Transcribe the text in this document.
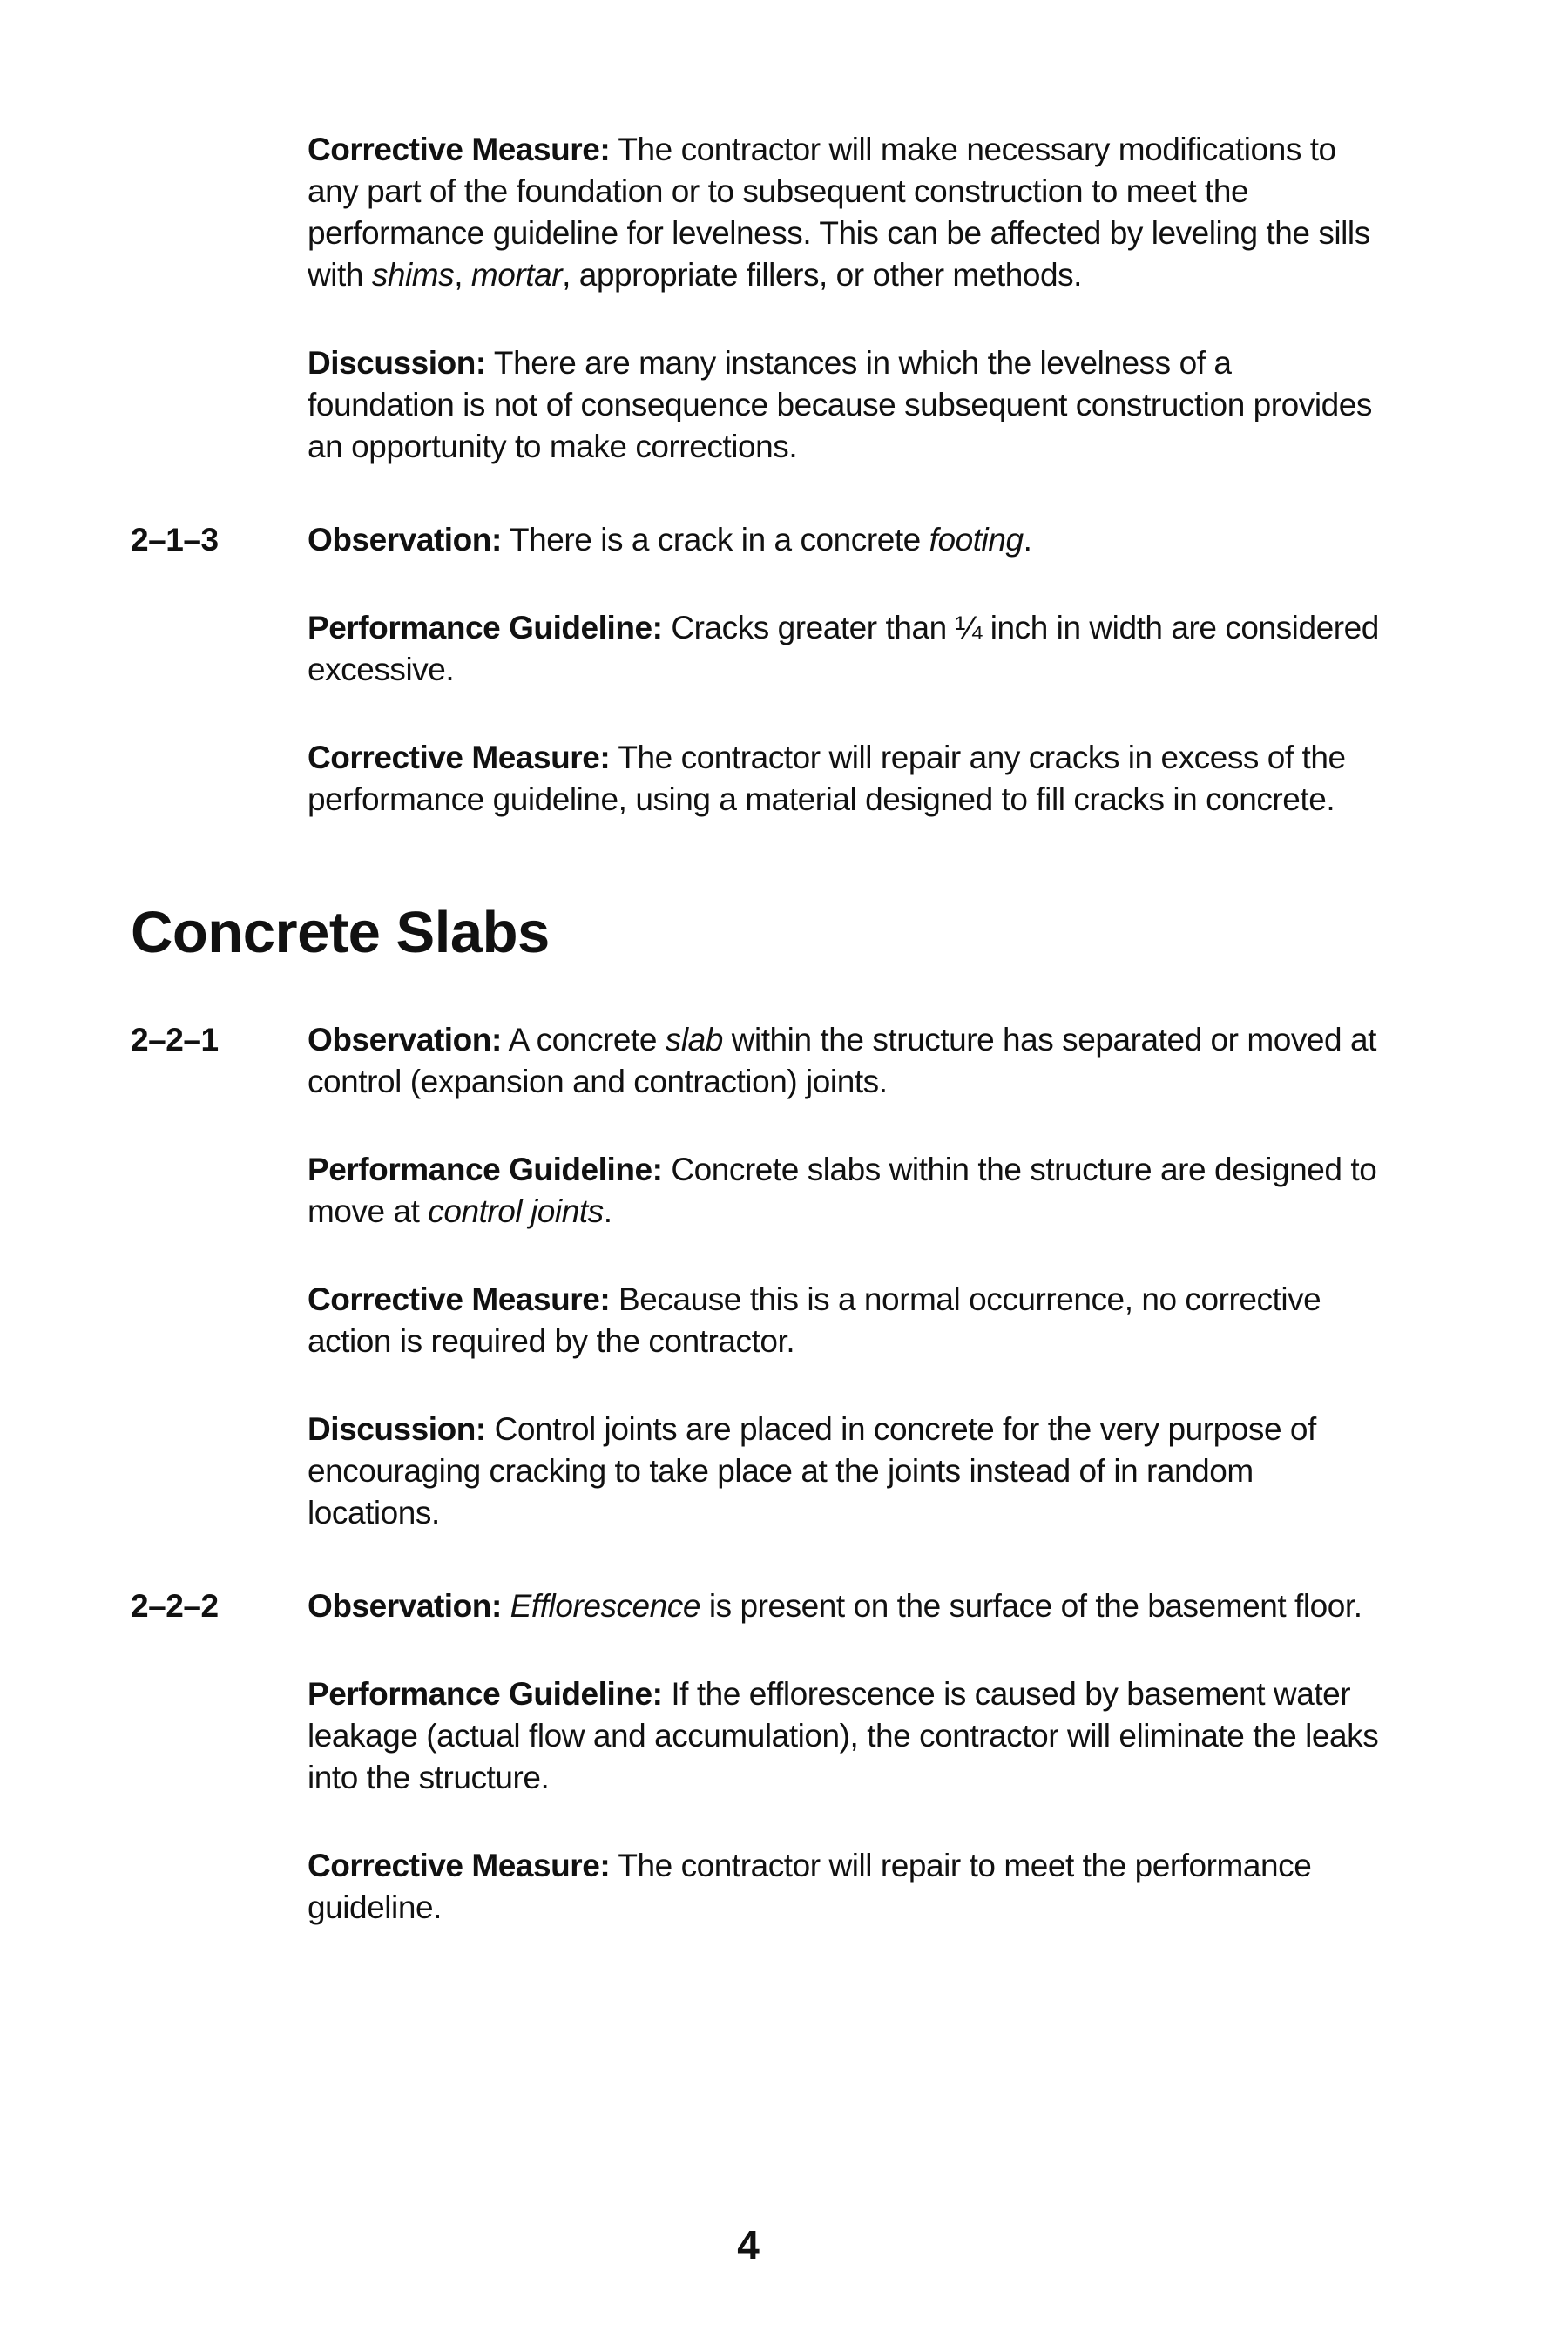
Corrective Measure: The contractor will make necessary modifications to any part of the foundation or to subsequent construction to meet the performance guideline for levelness. This can be affected by leveling the sills with shims, mortar, appropriate fillers, or other methods.

Discussion: There are many instances in which the levelness of a foundation is not of consequence because subsequent construction provides an opportunity to make corrections.

2–1–3	Observation: There is a crack in a concrete footing.

Performance Guideline: Cracks greater than ¼ inch in width are considered excessive.

Corrective Measure: The contractor will repair any cracks in excess of the performance guideline, using a material designed to fill cracks in concrete.

Concrete Slabs
2–2–1	Observation: A concrete slab within the structure has separated or moved at control (expansion and contraction) joints.

Performance Guideline: Concrete slabs within the structure are designed to move at control joints.

Corrective Measure: Because this is a normal occurrence, no corrective action is required by the contractor.

Discussion: Control joints are placed in concrete for the very purpose of encouraging cracking to take place at the joints instead of in random locations.

2–2–2	Observation: Efflorescence is present on the surface of the basement floor.

Performance Guideline: If the efflorescence is caused by basement water leakage (actual flow and accumulation), the contractor will eliminate the leaks into the structure.

Corrective Measure: The contractor will repair to meet the performance guideline.

4
